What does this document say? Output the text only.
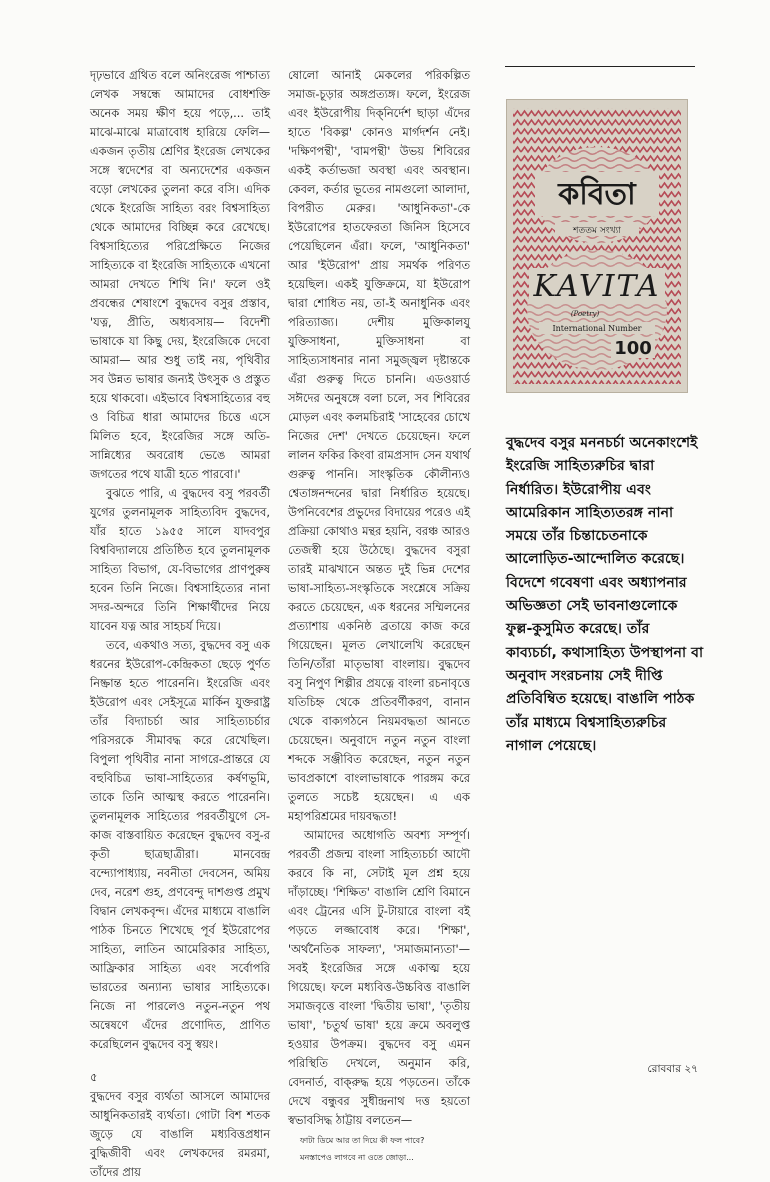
দৃঢ়ভাবে গ্রথিত বলে অনিংরেজ পাশ্চাত্য লেখক সম্বন্ধে আমাদের বোধশক্তি অনেক সময় ক্ষীণ হয়ে পড়ে,... তাই মাঝে-মাঝে মাত্রাবোধ হারিয়ে ফেলি— একজন তৃতীয় শ্রেণির ইংরেজ লেখকের সঙ্গে স্বদেশের বা অন্যদেশের একজন বড়ো লেখকের তুলনা করে বসি। এদিক থেকে ইংরেজি সাহিত্য বরং বিশ্বসাহিত্য থেকে আমাদের বিচ্ছিন্ন করে রেখেছে। বিশ্বসাহিত্যের পরিপ্রেক্ষিতে নিজের সাহিত্যকে বা ইংরেজি সাহিত্যকে এখনো আমরা দেখতে শিখি নি।' ফলে ওই প্রবন্ধের শেষাংশে বুদ্ধদেব বসুর প্রস্তাব, 'যত্ন, প্রীতি, অধ্যবসায়— বিদেশী ভাষাকে যা কিছু দেয়, ইংরেজিকে দেবো আমরা— আর শুধু তাই নয়, পৃথিবীর সব উন্নত ভাষার জন্যই উৎসুক ও প্রস্তুত হয়ে থাকবো। এইভাবে বিশ্বসাহিত্যের বহু ও বিচিত্র ধারা আমাদের চিত্তে এসে মিলিত হবে, ইংরেজির সঙ্গে অতি-সান্নিধ্যের অবরোধ ভেঙে আমরা জগতের পথে যাত্রী হতে পারবো।'

বুঝতে পারি, এ বুদ্ধদেব বসু পরবর্তী যুগের তুলনামূলক সাহিত্যবিদ বুদ্ধদেব, যাঁর হাতে ১৯৫৫ সালে যাদবপুর বিশ্ববিদ্যালয়ে প্রতিষ্ঠিত হবে তুলনামূলক সাহিত্য বিভাগ, যে-বিভাগের প্রাণপুরুষ হবেন তিনি নিজে। বিশ্বসাহিত্যের নানা সদর-অন্দরে তিনি শিক্ষার্থীদের নিয়ে যাবেন যত্ন আর সাহচর্য দিয়ে।

তবে, একথাও সত্য, বুদ্ধদেব বসু এক ধরনের ইউরোপ-কেন্দ্রিকতা ছেড়ে পুর্ণত নিষ্ক্রান্ত হতে পারেননি। ইংরেজি এবং ইউরোপ এবং সেইসূত্রে মার্কিন যুক্তরাষ্ট্র তাঁর বিদ্যাচর্চা আর সাহিত্যচর্চার পরিসরকে সীমাবদ্ধ করে রেখেছিল। বিপুলা পৃথিবীর নানা সাগরে-প্রান্তরে যে বহুবিচিত্র ভাষা-সাহিত্যের কর্ষণভূমি, তাকে তিনি আত্মস্থ করতে পারেননি। তুলনামূলক সাহিত্যের পরবর্তীযুগে সে-কাজ বাস্তবায়িত করেছেন বুদ্ধদেব বসু-র কৃতী ছাত্রছাত্রীরা। মানবেন্দ্র বন্দ্যোপাধ্যায়, নবনীতা দেবসেন, অমিয় দেব, নরেশ গুহ, প্রণবেন্দু দাশগুপ্ত প্রমুখ বিদ্বান লেখকবৃন্দ। এঁদের মাধ্যমে বাঙালি পাঠক চিনতে শিখেছে পূর্ব ইউরোপের সাহিত্য, লাতিন আমেরিকার সাহিত্য, আফ্রিকার সাহিত্য এবং সর্বোপরি ভারতের অন্যান্য ভাষার সাহিত্যকে। নিজে না পারলেও নতুন-নতুন পথ অন্বেষণে এঁদের প্রণোদিত, প্রাণিত করেছিলেন বুদ্ধদেব বসু স্বয়ং।

৫

বুদ্ধদেব বসুর ব্যর্থতা আসলে আমাদের আধুনিকতারই ব্যর্থতা। গোটা বিশ শতক জুড়ে যে বাঙালি মধ্যবিত্তপ্রধান বুদ্ধিজীবী এবং লেখকদের রমরমা, তাঁদের প্রায়

ষোলো আনাই মেকলের পরিকল্পিত সমাজ-চূড়ার অঙ্গপ্রত্যঙ্গ। ফলে, ইংরেজ এবং ইউরোপীয় দিক্‌নির্দেশ ছাড়া এঁদের হাতে 'বিকল্প' কোনও মার্গদর্শন নেই। 'দক্ষিণপন্থী', 'বামপন্থী' উভয় শিবিরের একই কর্তাভজা অবস্থা এবং অবস্থান। কেবল, কর্তার ভূতের নামগুলো আলাদা, বিপরীত মেরুর। 'আধুনিকতা'-কে ইউরোপের হাতফেরতা জিনিস হিসেবে পেয়েছিলেন এঁরা। ফলে, 'আধুনিকতা' আর 'ইউরোপ' প্রায় সমর্থক পরিণত হয়েছিল। একই যুক্তিক্রমে, যা ইউরোপ দ্বারা শোধিত নয়, তা-ই অনাধুনিক এবং পরিত্যাজ্য। দেশীয় মুক্তিকালযু যুক্তিসাধনা, মুক্তিসাধনা বা সাহিত্যসাধনার নানা সমুজ্জ্বল দৃষ্টান্তকে এঁরা গুরুত্ব দিতে চাননি। এডওয়ার্ড সঈদের অনুষঙ্গে বলা চলে, সব শিবিরের মোড়ল এবং কলমচিরাই 'সাহেবের চোখে নিজের দেশ' দেখতে চেয়েছেন। ফলে লালন ফকির কিংবা রামপ্রসাদ সেন যথার্থ গুরুত্ব পাননি। সাংস্কৃতিক কৌলীন্যও শ্বেতাঙ্গনন্দনের দ্বারা নির্ধারিত হয়েছে। উপনিবেশের প্রভুদের বিদায়ের পরেও এই প্রক্রিয়া কোথাও মন্থর হয়নি, বরঞ্চ আরও তেজস্বী হয়ে উঠেছে। বুদ্ধদেব বসুরা তারই মাঝখানে অন্তত দুই ভিন্ন দেশের ভাষা-সাহিত্য-সংস্কৃতিকে সংশ্লেষে সক্রিয় করতে চেয়েছেন, এক ধরনের সম্মিলনের প্রত্যাশায় একনিষ্ঠ ব্রতায়ে কাজ করে গিয়েছেন। মূলত লেখালেখি করেছেন তিনি/তাঁরা মাতৃভাষা বাংলায়। বুদ্ধদেব বসু নিপুণ শিল্পীর প্রযত্নে বাংলা রচনাবৃত্তে যতিচিহ্ন থেকে প্রতিবর্ণীকরণ, বানান থেকে বাক্যগঠনে নিয়মবদ্ধতা আনতে চেয়েছেন। অনুবাদে নতুন নতুন বাংলা শব্দকে সঞ্জীবিত করেছেন, নতুন নতুন ভাবপ্রকাশে বাংলাভাষাকে পারঙ্গম করে তুলতে সচেষ্ট হয়েছেন। এ এক মহাপরিশ্রমের দায়বদ্ধতা!

আমাদের অধোগতি অবশ্য সম্পূর্ণ। পরবর্তী প্রজন্ম বাংলা সাহিত্যচর্চা আদৌ করবে কি না, সেটাই মূল প্রশ্ন হয়ে দাঁড়াচ্ছে। 'শিক্ষিত' বাঙালি শ্রেণি বিমানে এবং ট্রেনের এসি টু-টায়ারে বাংলা বই পড়তে লজ্জাবোধ করে। 'শিক্ষা', 'অর্থনৈতিক সাফল্য', 'সমাজমান্যতা'— সবই ইংরেজির সঙ্গে একাত্ম হয়ে গিয়েছে। ফলে মধ্যবিত্ত-উচ্চবিত্ত বাঙালি সমাজবৃত্তে বাংলা 'দ্বিতীয় ভাষা', 'তৃতীয় ভাষা', 'চতুর্থ ভাষা' হয়ে ক্রমে অবলুপ্ত হওয়ার উপক্রম। বুদ্ধদেব বসু এমন পরিস্থিতি দেখলে, অনুমান করি, বেদনার্ত, বাক্‌রুদ্ধ হয়ে পড়তেন। তাঁকে দেখে বন্ধুবর সুধীন্দ্রনাথ দত্ত হয়তো স্বভাবসিদ্ধ ঠাট্টায় বলতেন—

ফাটা ডিমে আর তা দিয়ে কী ফল পাবে?
মনস্তাপেও লাগবে না ওতে জোড়া...
কবিতা
শততম সংখ্যা
KAVITA
(Poetry)
International Number
100

বুদ্ধদেব বসুর মননচর্চা অনেকাংশেই ইংরেজি সাহিত্যরুচির দ্বারা নির্ধারিত। ইউরোপীয় এবং আমেরিকান সাহিত্যতরঙ্গ নানা সময়ে তাঁর চিন্তাচেতনাকে আলোড়িত-আন্দোলিত করেছে। বিদেশে গবেষণা এবং অধ্যাপনার অভিজ্ঞতা সেই ভাবনাগুলোকে ফুল্ল-কুসুমিত করেছে। তাঁর কাব্যচর্চা, কথাসাহিত্য উপস্থাপনা বা অনুবাদ সংরচনায় সেই দীপ্তি প্রতিবিম্বিত হয়েছে। বাঙালি পাঠক তাঁর মাধ্যমে বিশ্বসাহিত্যরুচির নাগাল পেয়েছে।

রোববার ২৭
